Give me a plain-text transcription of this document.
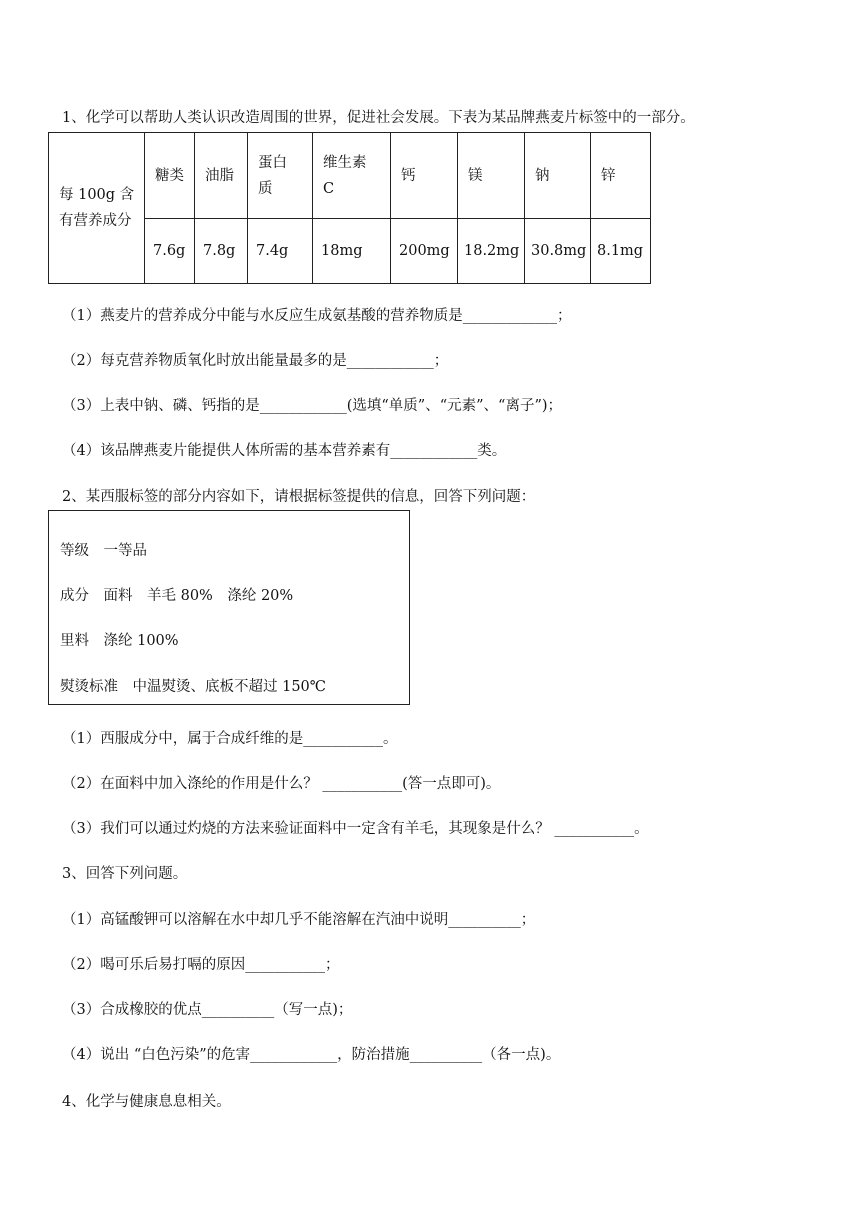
1、化学可以帮助人类认识改造周围的世界，促进社会发展。下表为某品牌燕麦片标签中的一部分。
每 100g 含有营养成分	糖类	油脂	蛋白质	维生素C	钙	镁	钠	锌
	7.6g	7.8g	7.4g	18mg	200mg	18.2mg	30.8mg	8.1mg
（1）燕麦片的营养成分中能与水反应生成氨基酸的营养物质是_____________；
（2）每克营养物质氧化时放出能量最多的是____________；
（3）上表中钠、磷、钙指的是____________(选填“单质”、“元素”、“离子”)；
（4）该品牌燕麦片能提供人体所需的基本营养素有____________类。
2、某西服标签的部分内容如下，请根据标签提供的信息，回答下列问题：
等级　一等品
成分　面料　羊毛 80%　涤纶 20%
里料　涤纶 100%
熨烫标准　中温熨烫、底板不超过 150℃
（1）西服成分中，属于合成纤维的是___________。
（2）在面料中加入涤纶的作用是什么？ ___________(答一点即可)。
（3）我们可以通过灼烧的方法来验证面料中一定含有羊毛，其现象是什么？ ___________。
3、回答下列问题。
（1）高锰酸钾可以溶解在水中却几乎不能溶解在汽油中说明__________；
（2）喝可乐后易打嗝的原因___________；
（3）合成橡胶的优点__________（写一点)；
（4）说出 “白色污染”的危害____________，防治措施__________（各一点)。
4、化学与健康息息相关。
